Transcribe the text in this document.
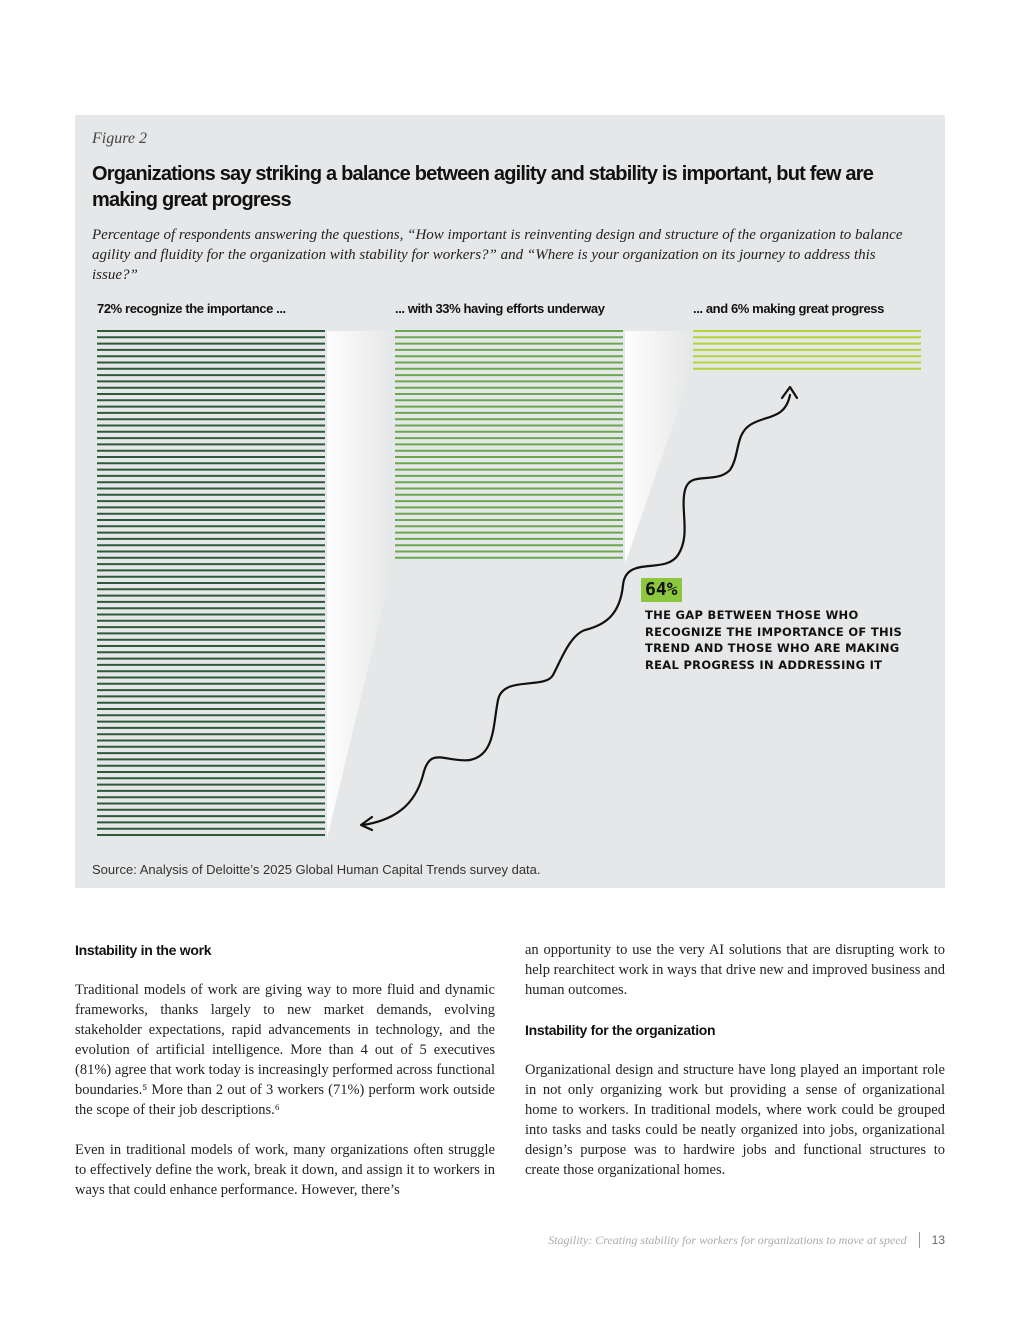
Figure 2
Organizations say striking a balance between agility and stability is important, but few are making great progress
Percentage of respondents answering the questions, “How important is reinventing design and structure of the organization to balance agility and fluidity for the organization with stability for workers?” and “Where is your organization on its journey to address this issue?”
72% recognize the importance ...	... with 33% having efforts underway	... and 6% making great progress
64%
THE GAP BETWEEN THOSE WHO RECOGNIZE THE IMPORTANCE OF THIS TREND AND THOSE WHO ARE MAKING REAL PROGRESS IN ADDRESSING IT
Source: Analysis of Deloitte’s 2025 Global Human Capital Trends survey data.
Instability in the work

Traditional models of work are giving way to more fluid and dynamic frameworks, thanks largely to new market demands, evolving stakeholder expectations, rapid advancements in technology, and the evolution of artificial intelligence. More than 4 out of 5 executives (81%) agree that work today is increasingly performed across functional boundaries.⁵ More than 2 out of 3 workers (71%) perform work outside the scope of their job descriptions.⁶

Even in traditional models of work, many organizations often struggle to effectively define the work, break it down, and assign it to workers in ways that could enhance performance. However, there’s

an opportunity to use the very AI solutions that are disrupting work to help rearchitect work in ways that drive new and improved business and human outcomes.

Instability for the organization

Organizational design and structure have long played an important role in not only organizing work but providing a sense of organizational home to workers. In traditional models, where work could be grouped into tasks and tasks could be neatly organized into jobs, organizational design’s purpose was to hardwire jobs and functional structures to create those organizational homes.

Stagility: Creating stability for workers for organizations to move at speed 13
